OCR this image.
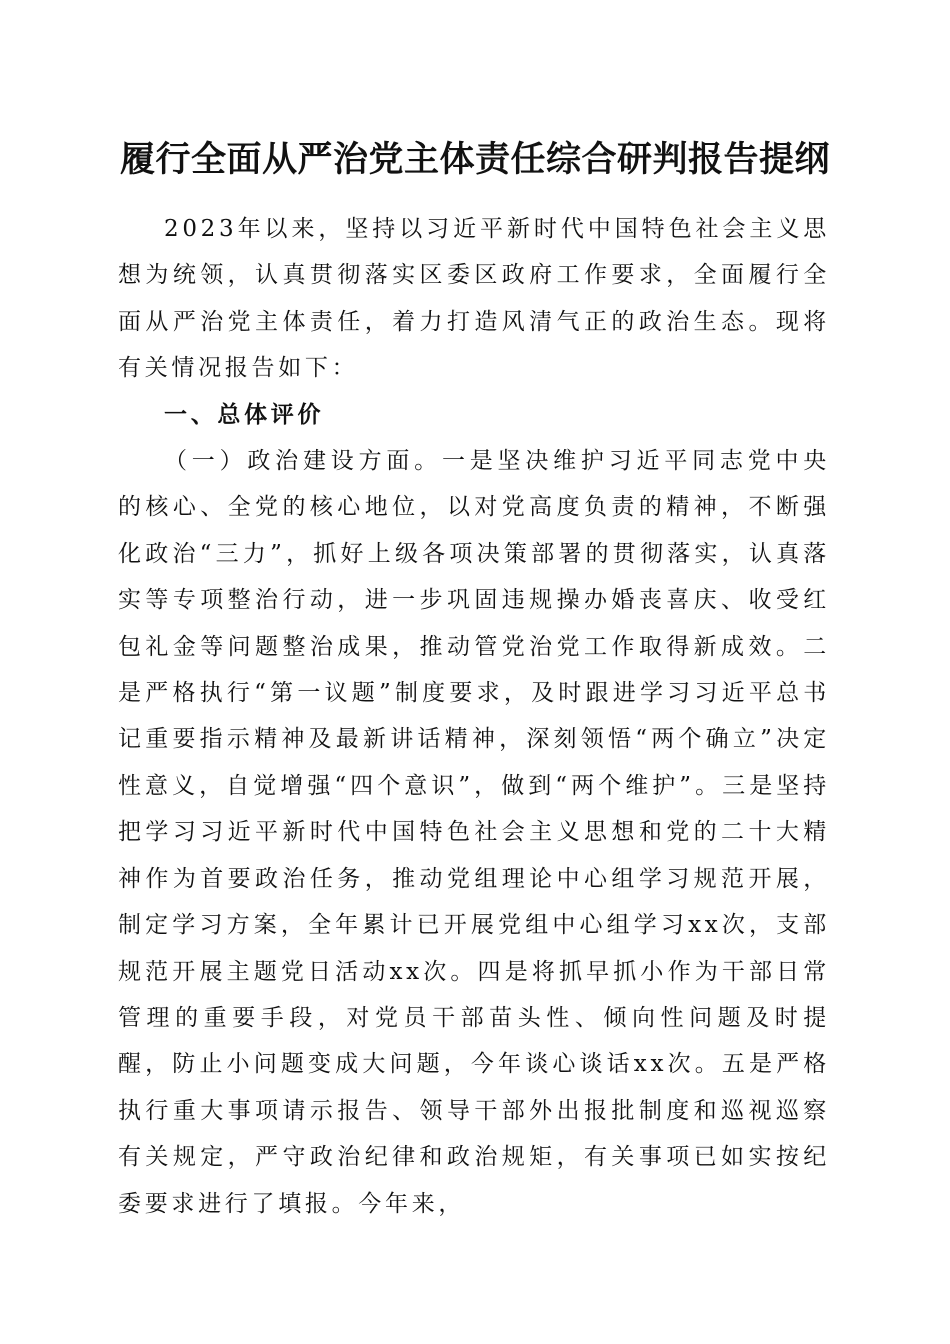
履行全面从严治党主体责任综合研判报告提纲

2023年以来，坚持以习近平新时代中国特色社会主义思想为统领，认真贯彻落实区委区政府工作要求，全面履行全面从严治党主体责任，着力打造风清气正的政治生态。现将有关情况报告如下：

一、总体评价

（一）政治建设方面。一是坚决维护习近平同志党中央的核心、全党的核心地位，以对党高度负责的精神，不断强化政治“三力”，抓好上级各项决策部署的贯彻落实，认真落实等专项整治行动，进一步巩固违规操办婚丧喜庆、收受红包礼金等问题整治成果，推动管党治党工作取得新成效。二是严格执行“第一议题”制度要求，及时跟进学习习近平总书记重要指示精神及最新讲话精神，深刻领悟“两个确立”决定性意义，自觉增强“四个意识”，做到“两个维护”。三是坚持把学习习近平新时代中国特色社会主义思想和党的二十大精神作为首要政治任务，推动党组理论中心组学习规范开展，制定学习方案，全年累计已开展党组中心组学习xx次，支部规范开展主题党日活动xx次。四是将抓早抓小作为干部日常管理的重要手段，对党员干部苗头性、倾向性问题及时提醒，防止小问题变成大问题，今年谈心谈话xx次。五是严格执行重大事项请示报告、领导干部外出报批制度和巡视巡察有关规定，严守政治纪律和政治规矩，有关事项已如实按纪委要求进行了填报。今年来，
